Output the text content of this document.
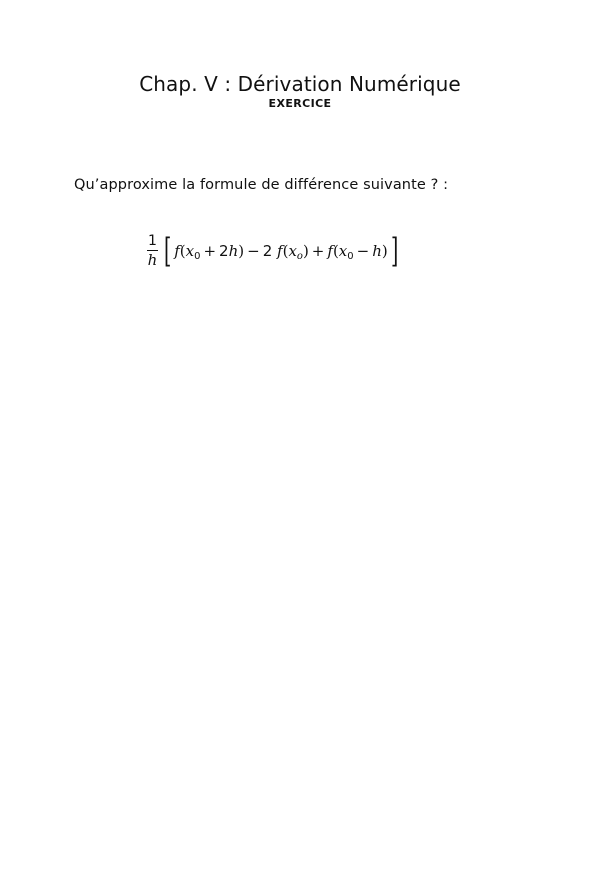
Chap. V : Dérivation Numérique
EXERCICE
Qu’approxime la formule de différence suivante ? :
$\frac{1}{h}$ [ $f(x_0 + 2h) - 2$ $f(x_o) + f(x_0 - h)$ ]
